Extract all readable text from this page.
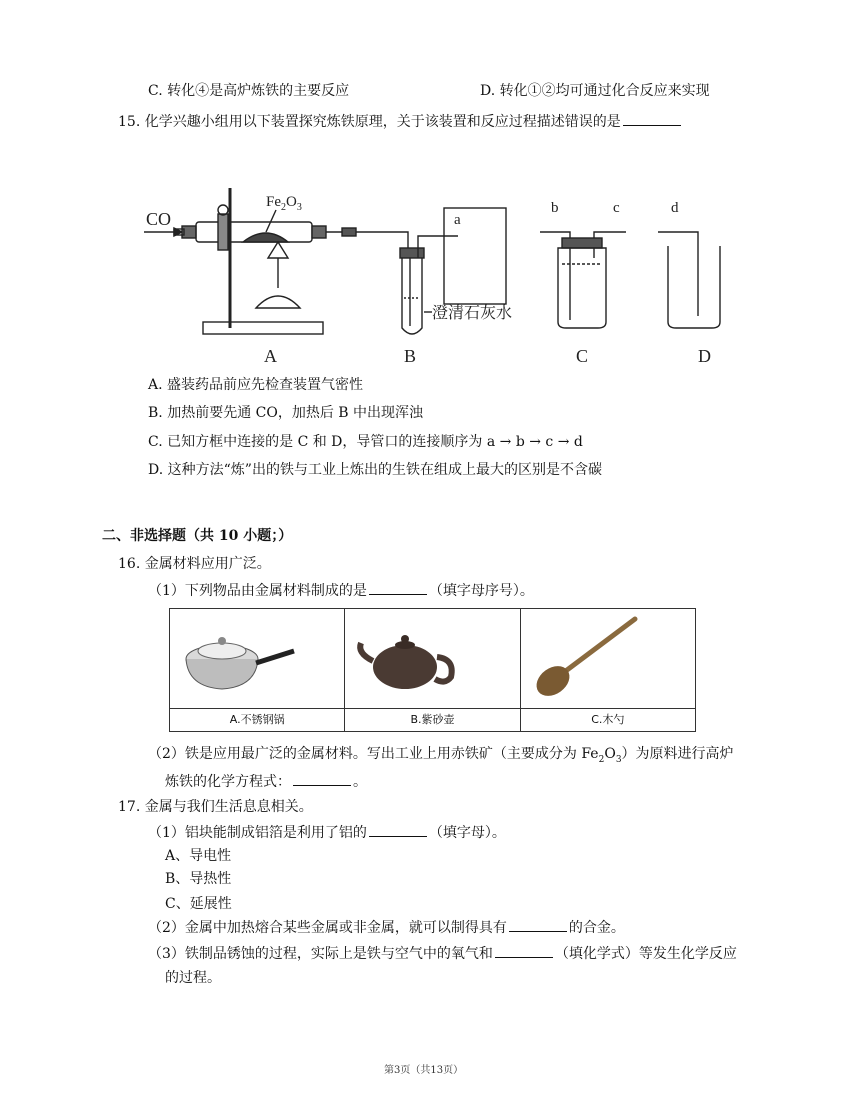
C. 转化④是高炉炼铁的主要反应	D. 转化①②均可通过化合反应来实现
15. 化学兴趣小组用以下装置探究炼铁原理，关于该装置和反应过程描述错误的是
CO
$Fe_2O_3$
澄清石灰水
a
b	c	d
A	B	C	D
A. 盛装药品前应先检查装置气密性
B. 加热前要先通 CO，加热后 B 中出现浑浊
C. 已知方框中连接的是 C 和 D，导管口的连接顺序为 a → b → c → d
D. 这种方法“炼”出的铁与工业上炼出的生铁在组成上最大的区别是不含碳
二、非选择题（共 10 小题；）
16. 金属材料应用广泛。
（1）下列物品由金属材料制成的是	（填字母序号）。
A.不锈钢锅	B.紫砂壶	C.木勺
（2）铁是应用最广泛的金属材料。写出工业上用赤铁矿（主要成分为 $Fe_2O_3$）为原料进行高炉
炼铁的化学方程式：	。
17. 金属与我们生活息息相关。
（1）铝块能制成铝箔是利用了铝的	（填字母）。
A、导电性
B、导热性
C、延展性
（2）金属中加热熔合某些金属或非金属，就可以制得具有	的合金。
（3）铁制品锈蚀的过程，实际上是铁与空气中的氧气和	（填化学式）等发生化学反应
的过程。
第3页（共13页）
